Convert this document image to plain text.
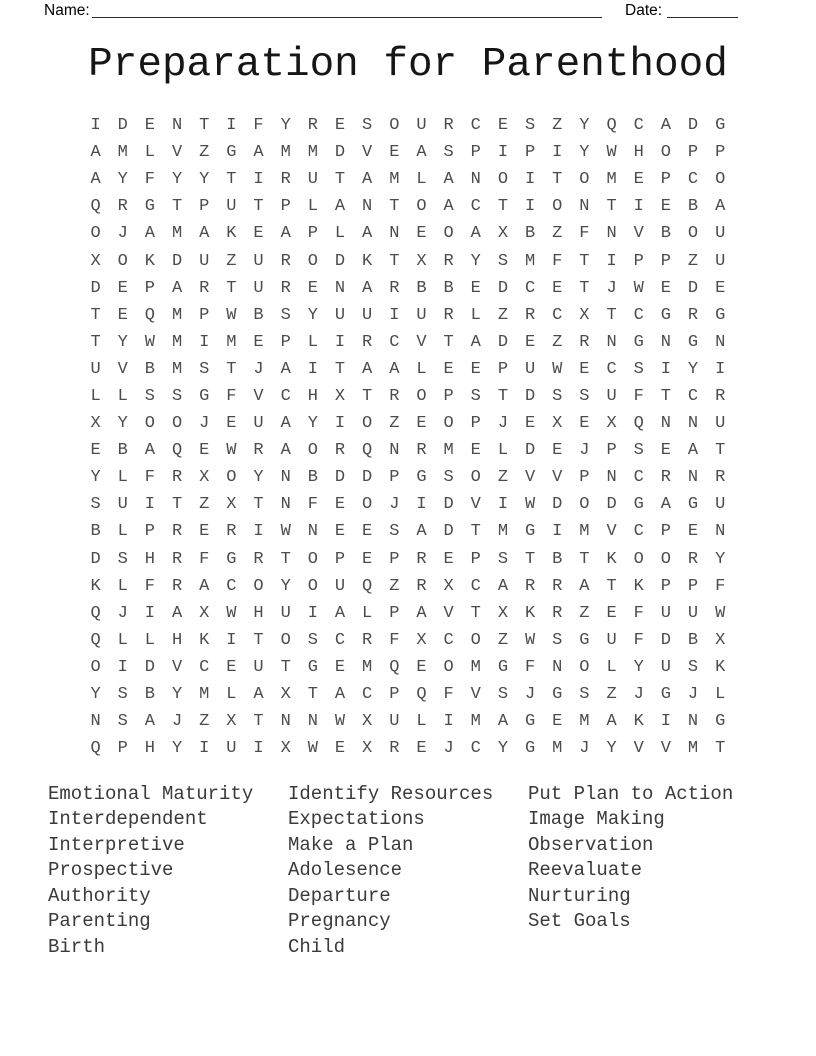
Name:	Date:
Preparation for Parenthood
I D E N T I F Y R E S O U R C E S Z Y Q C A D G
A M L V Z G A M M D V E A S P I P I Y W H O P P
A Y F Y Y T I R U T A M L A N O I T O M E P C O
Q R G T P U T P L A N T O A C T I O N T I E B A
O J A M A K E A P L A N E O A X B Z F N V B O U
X O K D U Z U R O D K T X R Y S M F T I P P Z U
D E P A R T U R E N A R B B E D C E T J W E D E
T E Q M P W B S Y U U I U R L Z R C X T C G R G
T Y W M I M E P L I R C V T A D E Z R N G N G N
U V B M S T J A I T A A L E E P U W E C S I Y I
L L S S G F V C H X T R O P S T D S S U F T C R
X Y O O J E U A Y I O Z E O P J E X E X Q N N U
E B A Q E W R A O R Q N R M E L D E J P S E A T
Y L F R X O Y N B D D P G S O Z V V P N C R N R
S U I T Z X T N F E O J I D V I W D O D G A G U
B L P R E R I W N E E S A D T M G I M V C P E N
D S H R F G R T O P E P R E P S T B T K O O R Y
K L F R A C O Y O U Q Z R X C A R R A T K P P F
Q J I A X W H U I A L P A V T X K R Z E F U U W
Q L L H K I T O S C R F X C O Z W S G U F D B X
O I D V C E U T G E M Q E O M G F N O L Y U S K
Y S B Y M L A X T A C P Q F V S J G S Z J G J L
N S A J Z X T N N W X U L I M A G E M A K I N G
Q P H Y I U I X W E X R E J C Y G M J Y V V M T
Emotional Maturity
Interdependent
Interpretive
Prospective
Authority
Parenting
Birth
Identify Resources
Expectations
Make a Plan
Adolesence
Departure
Pregnancy
Child
Put Plan to Action
Image Making
Observation
Reevaluate
Nurturing
Set Goals
